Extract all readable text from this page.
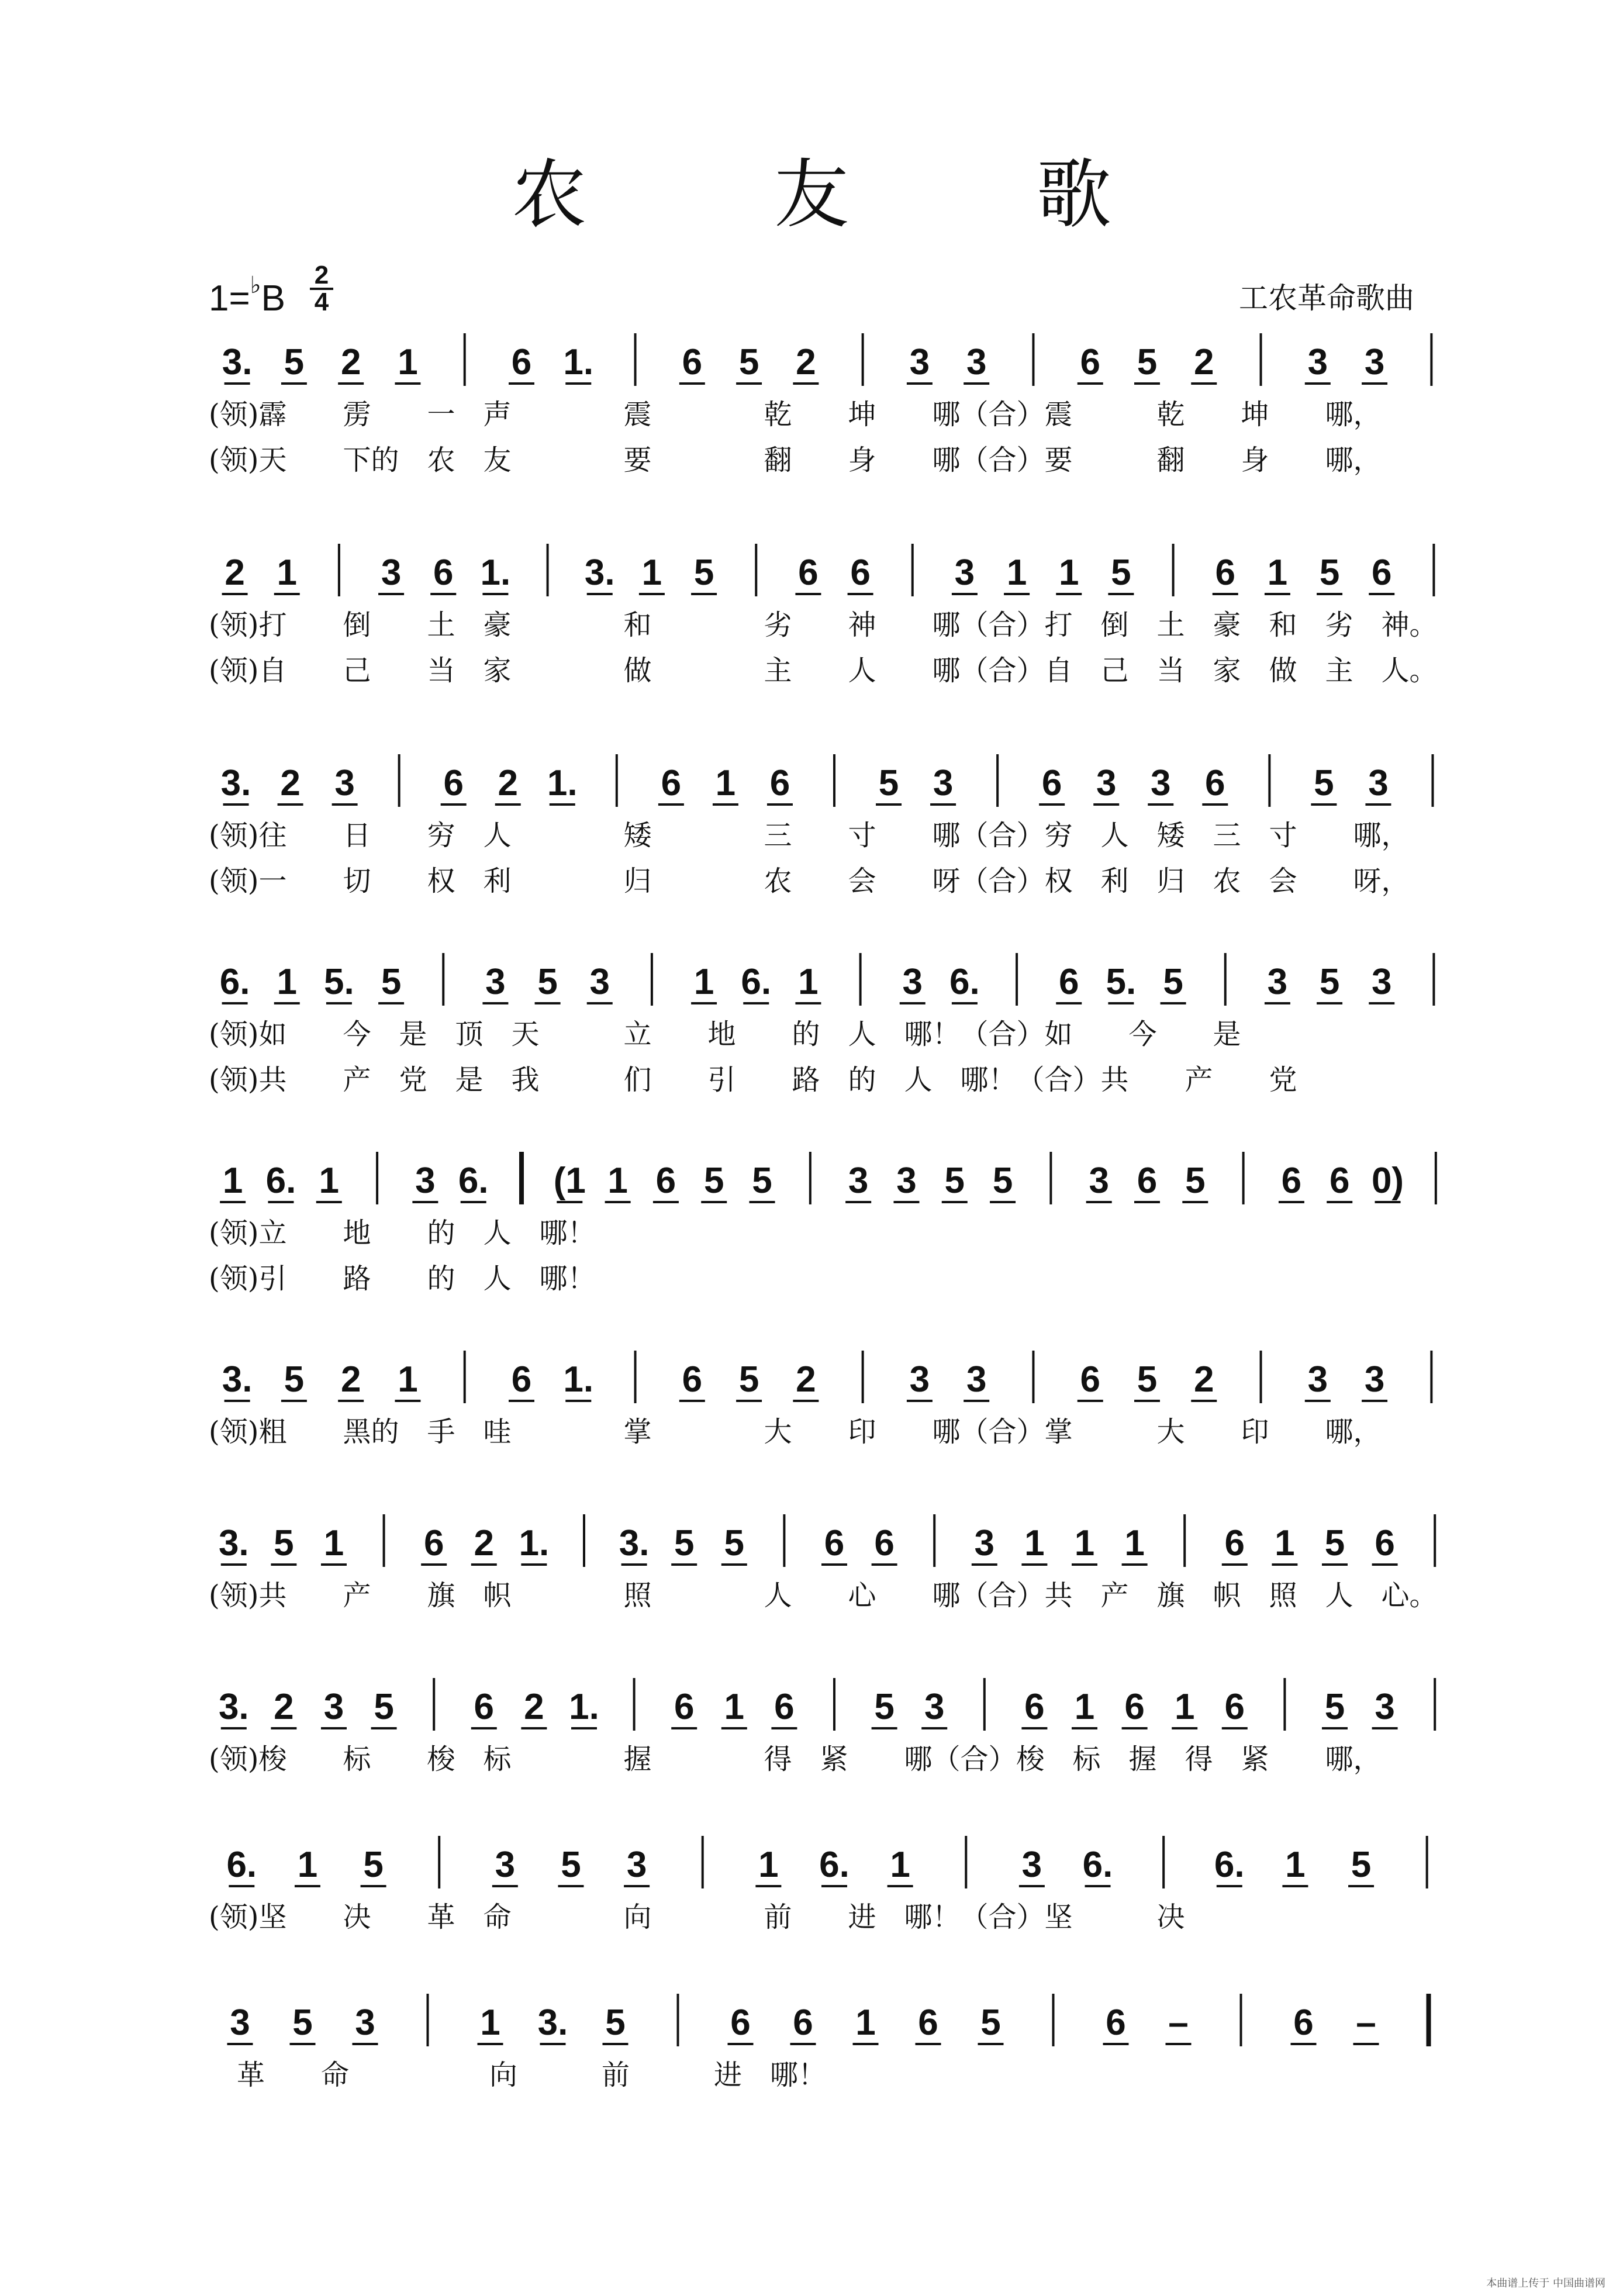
农 友 歌
1=♭B
2
4	工农革命歌曲
3. 5 2 1	6 1. 6 5 2	3 3	6 5 2	3 3
(领)霹　　雳　　一　声　　　　震　　　　乾　　坤　　哪（合）震　　　乾　　坤　　哪，
(领)天　　下的　农　友　　　　要　　　　翻　　身　　哪（合）要　　　翻　　身　　哪，
2 1 3 6 1. 3. 1 5 6 6 3 1 1 5 6 1 5 6
(领)打　　倒　　土　豪　　　　和　　　　劣　　神　　哪（合）打　倒　土　豪　和　劣　神。
(领)自　　己　　当　家　　　　做　　　　主　　人　　哪（合）自　己　当　家　做　主　人。
3. 2 3 6 2 1. 6 1 6 5 3 6 3 3 6 5 3
(领)往　　日　　穷　人　　　　矮　　　　三　　寸　　哪（合）穷　人　矮　三　寸　　哪，
(领)一　　切　　权　利　　　　归　　　　农　　会　　呀（合）权　利　归　农　会　　呀，
6. 1 5. 5 3 5 3 1 6. 1 3 6. 6 5. 5 3 5 3
(领)如　　今　是　顶　天　　　立　　地　　的　人　哪！（合）如　　今　　是
(领)共　　产　党　是　我　　　们　　引　　路　的　人　哪！（合）共　　产　　党
1 6. 1 3 6. (1 1 6 5 5 3 3 5 5 3 6 5 6 6 0)
(领)立　　地　　的　人　哪！
(领)引　　路　　的　人　哪！
3. 5 2 1	6 1. 6 5 2	3 3	6 5 2	3 3
(领)粗　　黑的　手　哇　　　　掌　　　　大　　印　　哪（合）掌　　　大　　印　　哪，
3. 5 1 6 2 1. 3. 5 5 6 6 3 1 1 1 6 1 5 6
(领)共　　产　　旗　帜　　　　照　　　　人　　心　　哪（合）共　产　旗　帜　照　人　心。
3. 2 3 5 6 2 1. 6 1 6 5 3 6 1 6 1 6 5 3
(领)梭　　标　　梭　标　　　　握　　　　得　紧　　哪（合）梭　标　握　得　紧　　哪，
6. 1 5	3 5 3	1 6. 1	3 6.	6. 1 5
(领)坚　　决　　革　命　　　　向　　　　前　　进　哪！（合）坚　　　决
3 5 3	1 3. 5	6 6 1 6 5	6 –	6 –
　革　　命　　　　　向　　　前　　　进　哪！
本曲谱上传于 中国曲谱网
